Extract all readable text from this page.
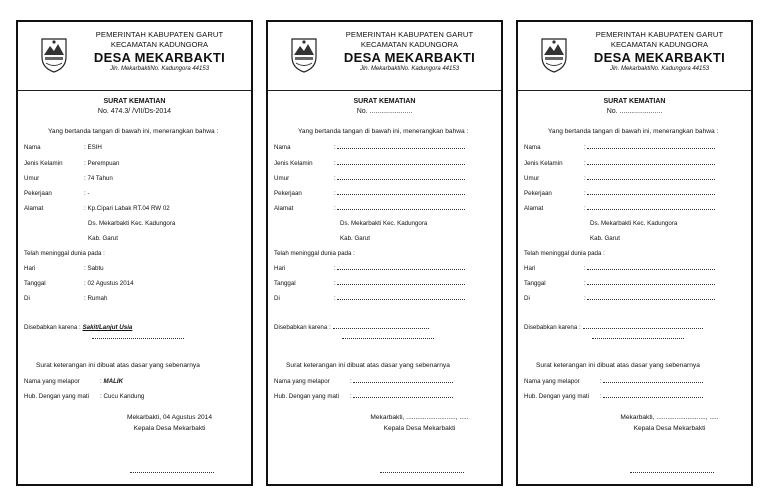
PEMERINTAH KABUPATEN GARUT
KECAMATAN KADUNGORA
DESA MEKARBAKTI
Jln. MekarbaktiNo. Kadungora 44153
SURAT KEMATIAN
No. 474.3/ /VII/Ds-2014
Yang bertanda tangan di bawah ini, menerangkan bahwa :
Nama	: ESIH
Jenis Kelamin	: Perempuan
Umur	: 74 Tahun
Pekerjaan	: -
Alamat	: Kp.Cipari Labak RT.04 RW 02
Ds. Mekarbakti Kec. Kadungora
Kab. Garut
Telah meninggal dunia pada :
Hari	: Sabtu
Tanggal	: 02 Agustus 2014
Di	: Rumah
Disebabkan karena : Sakit/Lanjut Usia
Surat keterangan ini dibuat atas dasar yang sebenarnya
Nama yang melapor	: MALIK
Hub. Dengan yang mati : Cucu Kandung
Mekarbakti, 04 Agustus 2014
Kepala Desa Mekarbakti
PEMERINTAH KABUPATEN GARUT
KECAMATAN KADUNGORA
DESA MEKARBAKTI
Jln. MekarbaktiNo. Kadungora 44153
SURAT KEMATIAN
No. ......................
Yang bertanda tangan di bawah ini, menerangkan bahwa :
Nama	:
Jenis Kelamin	:
Umur	:
Pekerjaan	:
Alamat	:
Ds. Mekarbakti Kec. Kadungora
Kab. Garut
Telah meninggal dunia pada :
Hari	:
Tanggal	:
Di	:
Disebabkan karena :
Surat keterangan ini dibuat atas dasar yang sebenarnya
Nama yang melapor	:
Hub. Dengan yang mati :
Mekarbakti, ..........................., .....
Kepala Desa Mekarbakti
PEMERINTAH KABUPATEN GARUT
KECAMATAN KADUNGORA
DESA MEKARBAKTI
Jln. MekarbaktiNo. Kadungora 44153
SURAT KEMATIAN
No. ......................
Yang bertanda tangan di bawah ini, menerangkan bahwa :
Nama	:
Jenis Kelamin	:
Umur	:
Pekerjaan	:
Alamat	:
Ds. Mekarbakti Kec. Kadungora
Kab. Garut
Telah meninggal dunia pada :
Hari	:
Tanggal	:
Di	:
Disebabkan karena :
Surat keterangan ini dibuat atas dasar yang sebenarnya
Nama yang melapor	:
Hub. Dengan yang mati :
Mekarbakti, ..........................., .....
Kepala Desa Mekarbakti
